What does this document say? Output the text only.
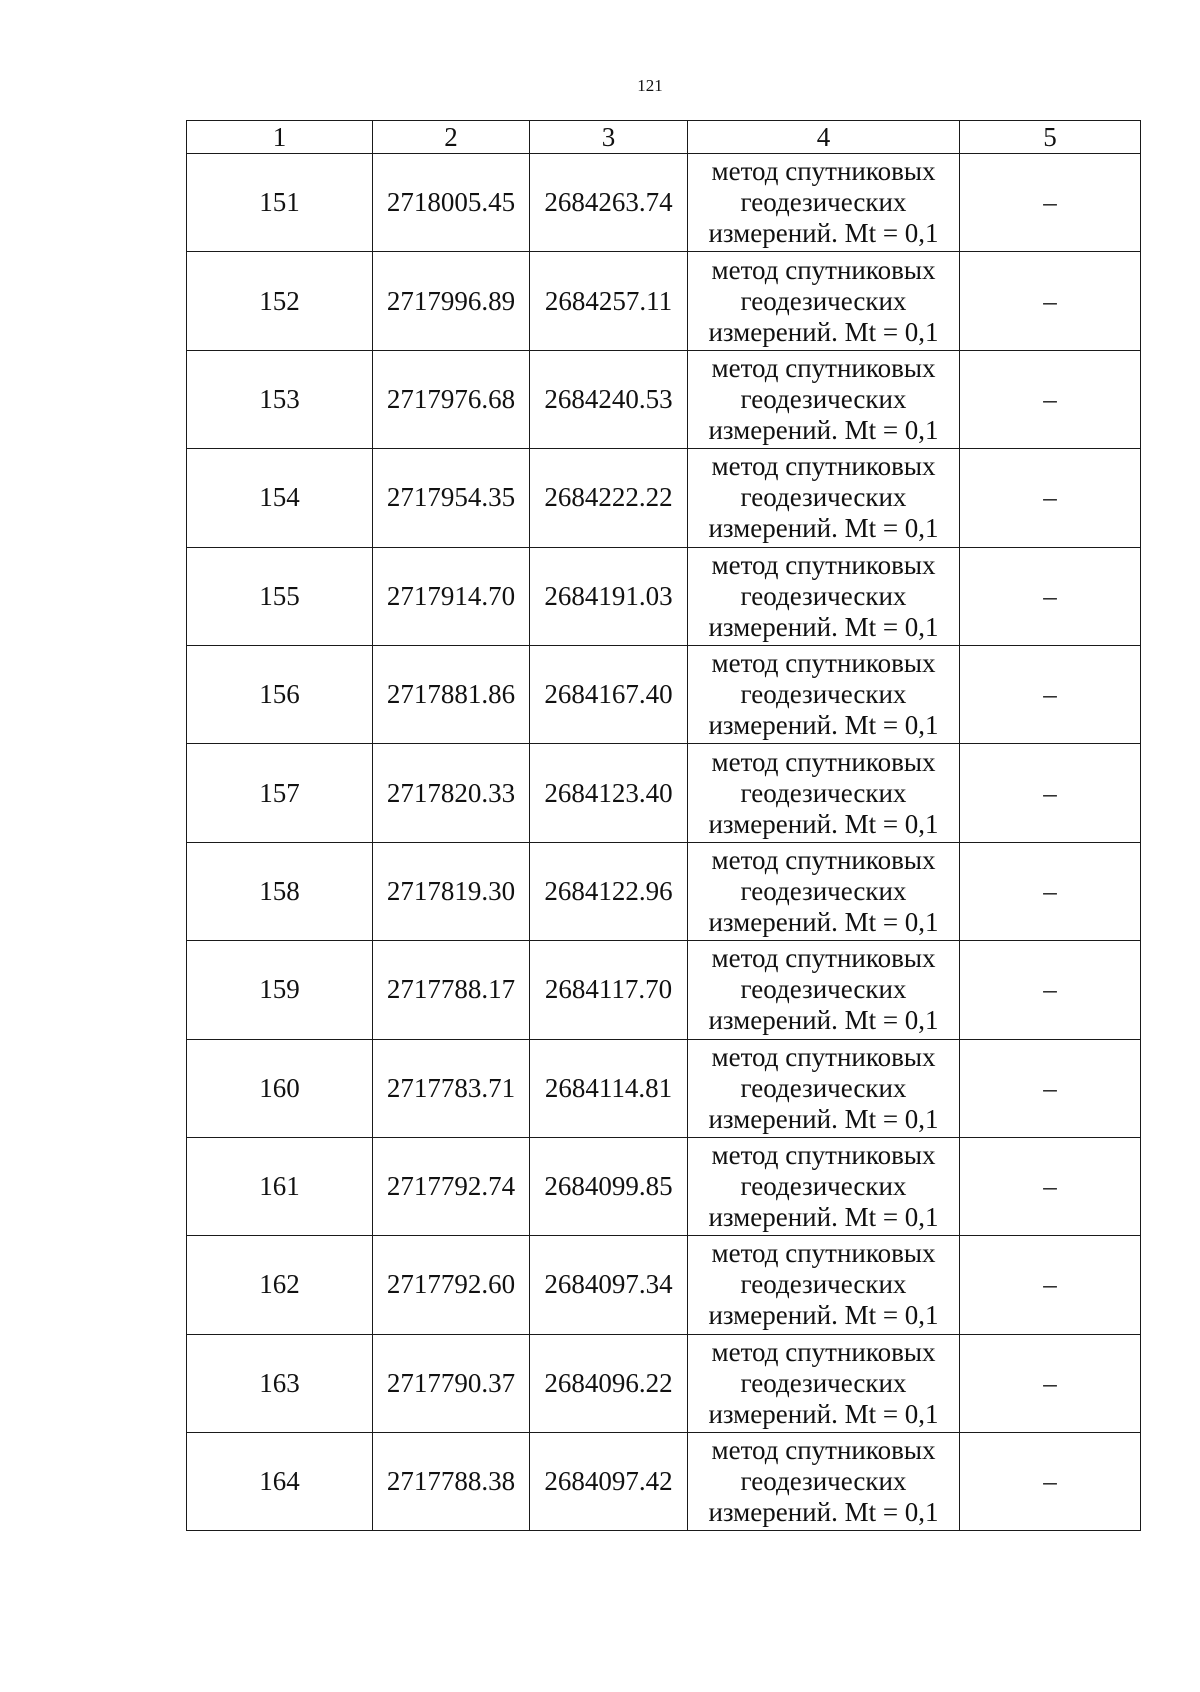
121
1	2	3	4	5
151	2718005.45	2684263.74	метод спутниковых
геодезических
измерений. Mt = 0,1	–
152	2717996.89	2684257.11	метод спутниковых
геодезических
измерений. Mt = 0,1	–
153	2717976.68	2684240.53	метод спутниковых
геодезических
измерений. Mt = 0,1	–
154	2717954.35	2684222.22	метод спутниковых
геодезических
измерений. Mt = 0,1	–
155	2717914.70	2684191.03	метод спутниковых
геодезических
измерений. Mt = 0,1	–
156	2717881.86	2684167.40	метод спутниковых
геодезических
измерений. Mt = 0,1	–
157	2717820.33	2684123.40	метод спутниковых
геодезических
измерений. Mt = 0,1	–
158	2717819.30	2684122.96	метод спутниковых
геодезических
измерений. Mt = 0,1	–
159	2717788.17	2684117.70	метод спутниковых
геодезических
измерений. Mt = 0,1	–
160	2717783.71	2684114.81	метод спутниковых
геодезических
измерений. Mt = 0,1	–
161	2717792.74	2684099.85	метод спутниковых
геодезических
измерений. Mt = 0,1	–
162	2717792.60	2684097.34	метод спутниковых
геодезических
измерений. Mt = 0,1	–
163	2717790.37	2684096.22	метод спутниковых
геодезических
измерений. Mt = 0,1	–
164	2717788.38	2684097.42	метод спутниковых
геодезических
измерений. Mt = 0,1	–
